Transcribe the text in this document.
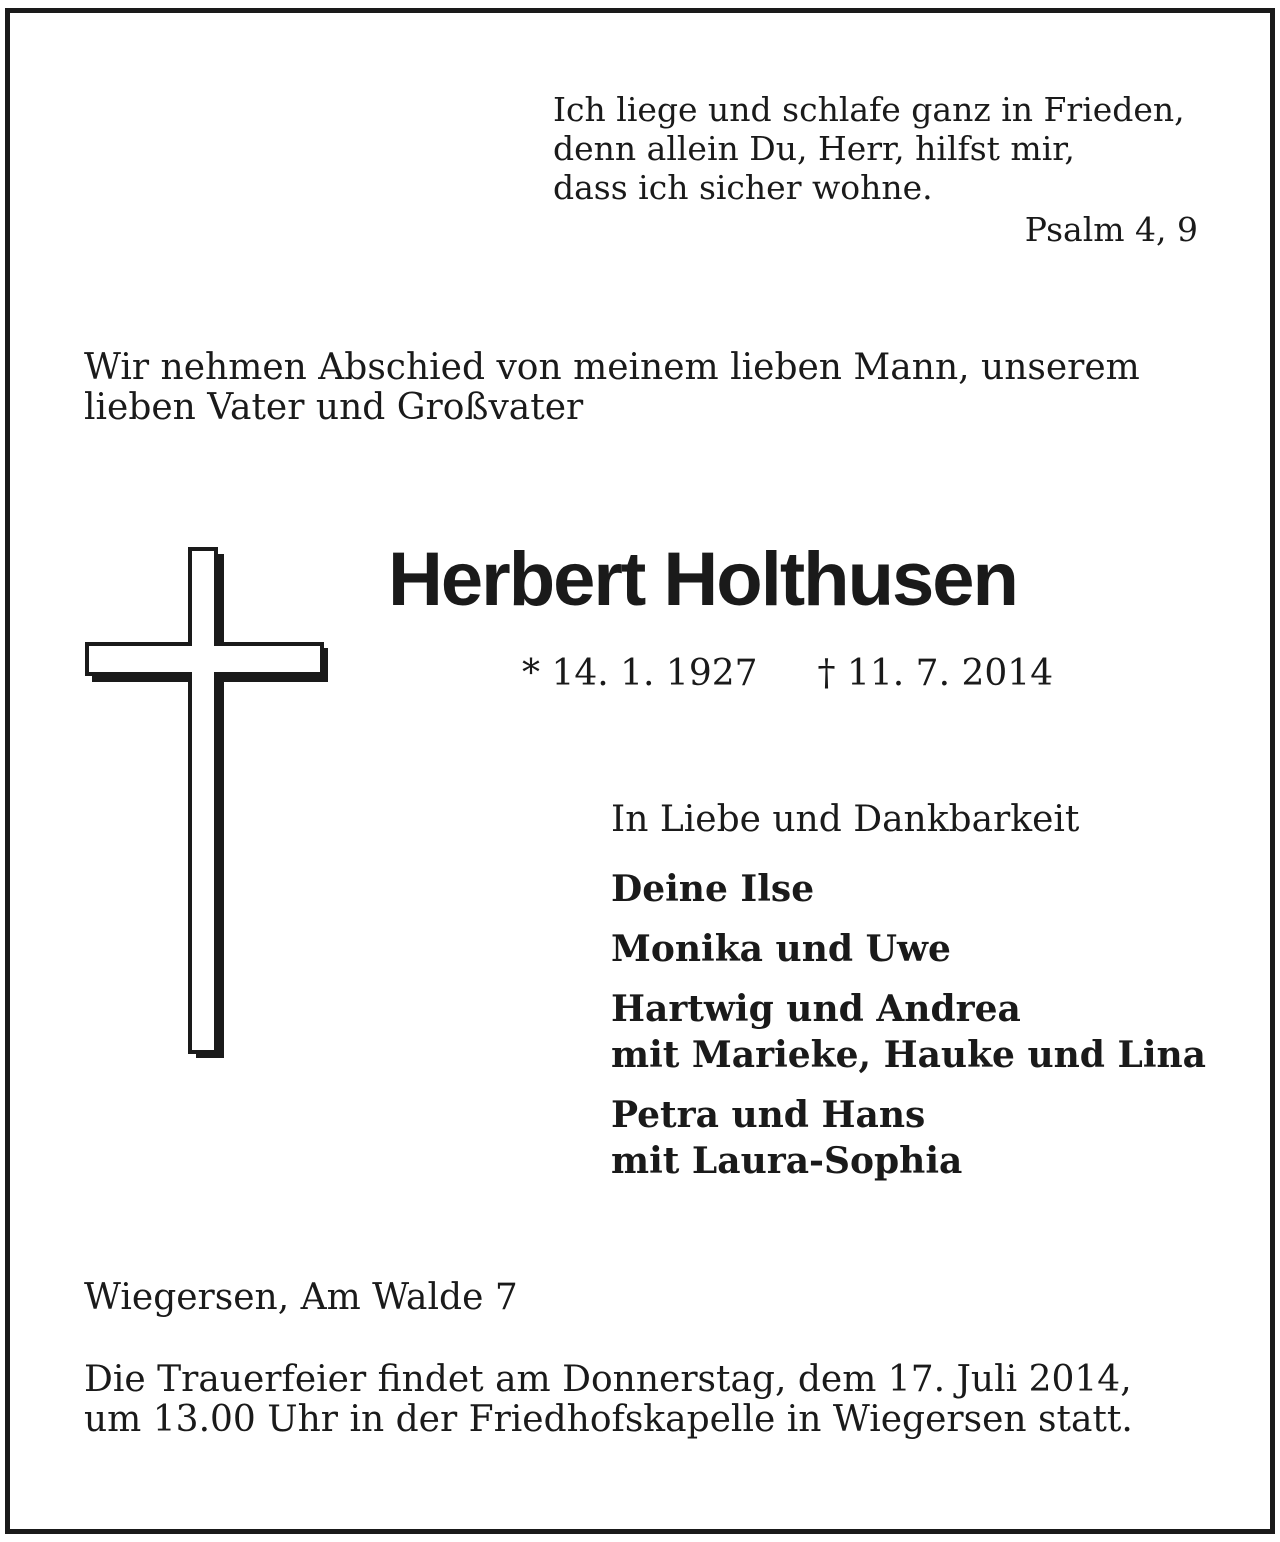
Ich liege und schlafe ganz in Frieden,
denn allein Du, Herr, hilfst mir,
dass ich sicher wohne.
Psalm 4, 9
Wir nehmen Abschied von meinem lieben Mann, unserem lieben Vater und Großvater
Herbert Holthusen
* 14. 1. 1927 † 11. 7. 2014
In Liebe und Dankbarkeit
Deine Ilse
Monika und Uwe
Hartwig und Andrea
mit Marieke, Hauke und Lina
Petra und Hans
mit Laura-Sophia
Wiegersen, Am Walde 7
Die Trauerfeier findet am Donnerstag, dem 17. Juli 2014,
um 13.00 Uhr in der Friedhofskapelle in Wiegersen statt.
